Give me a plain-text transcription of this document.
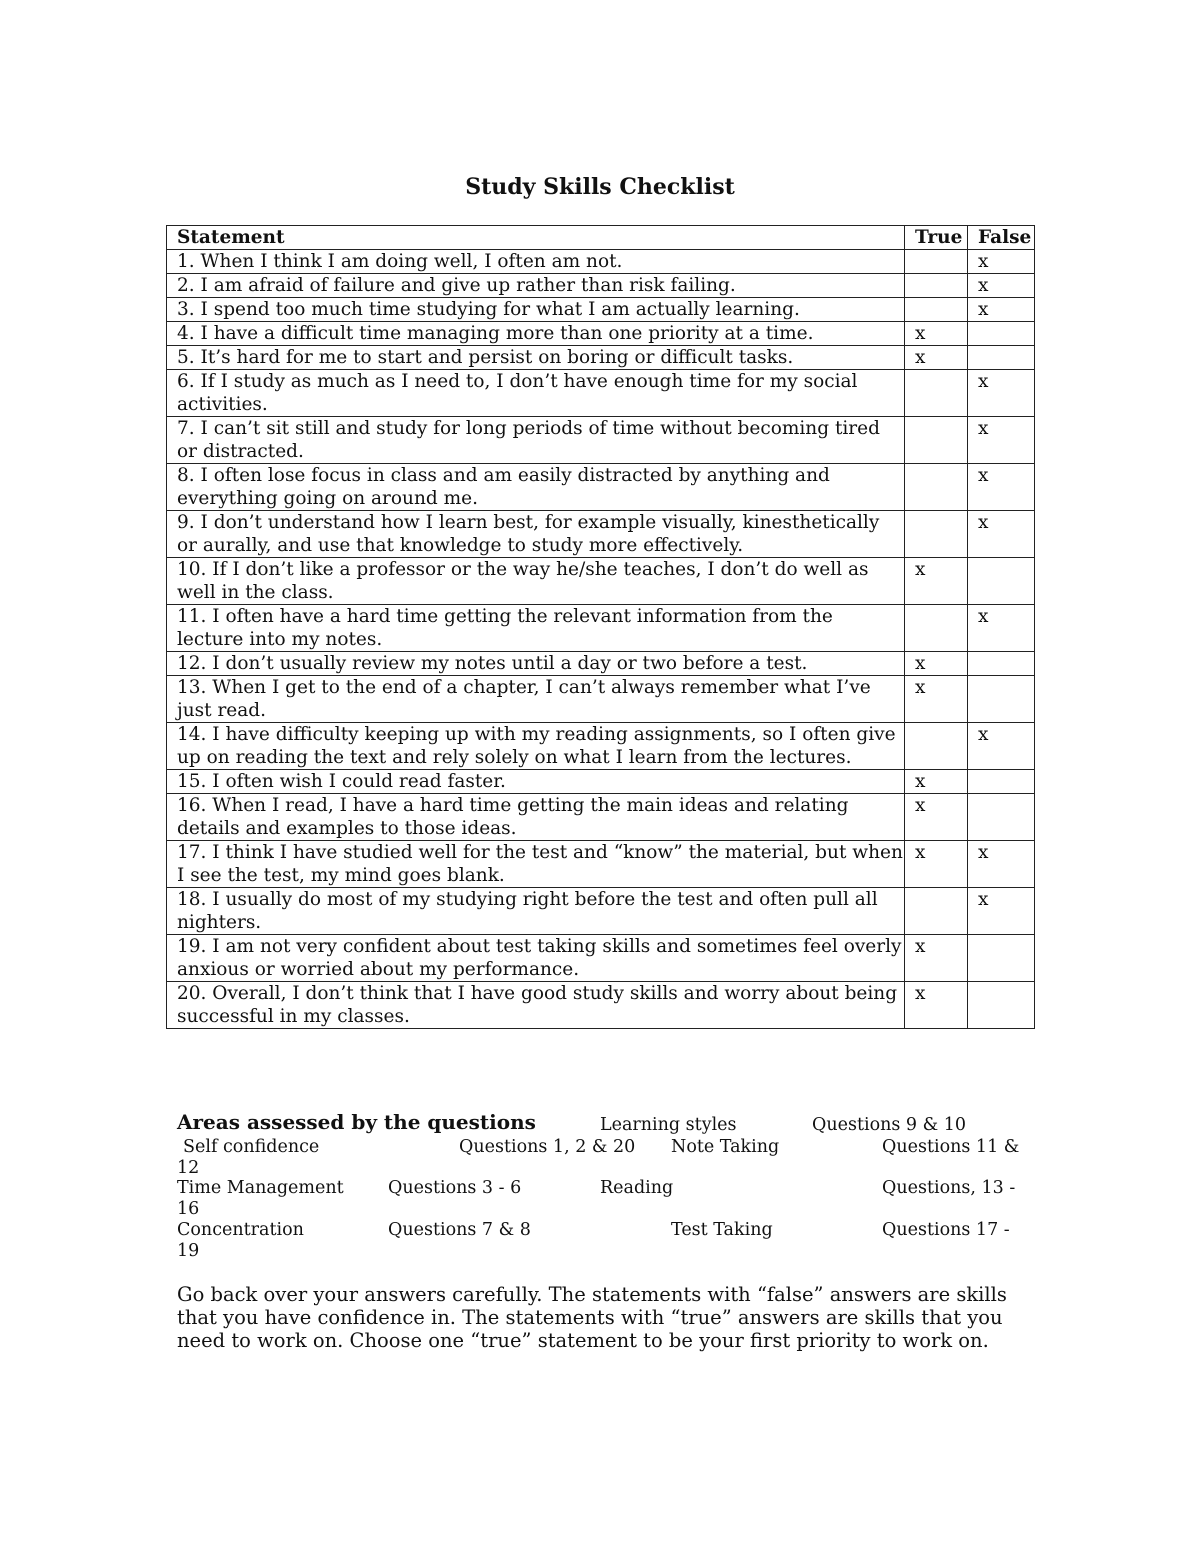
Study Skills Checklist
Statement	True	False
1. When I think I am doing well, I often am not.		x
2. I am afraid of failure and give up rather than risk failing.		x
3. I spend too much time studying for what I am actually learning.		x
4. I have a difficult time managing more than one priority at a time.	x	
5. It’s hard for me to start and persist on boring or difficult tasks.	x	
6. If I study as much as I need to, I don’t have enough time for my social activities.		x
7. I can’t sit still and study for long periods of time without becoming tired or distracted.		x
8. I often lose focus in class and am easily distracted by anything and everything going on around me.		x
9. I don’t understand how I learn best, for example visually, kinesthetically or aurally, and use that knowledge to study more effectively.		x
10. If I don’t like a professor or the way he/she teaches, I don’t do well as well in the class.	x	
11. I often have a hard time getting the relevant information from the lecture into my notes.		x
12. I don’t usually review my notes until a day or two before a test.	x	
13. When I get to the end of a chapter, I can’t always remember what I’ve just read.	x	
14. I have difficulty keeping up with my reading assignments, so I often give up on reading the text and rely solely on what I learn from the lectures.		x
15. I often wish I could read faster.	x	
16. When I read, I have a hard time getting the main ideas and relating details and examples to those ideas.	x	
17. I think I have studied well for the test and “know” the material, but when I see the test, my mind goes blank.	x	x
18. I usually do most of my studying right before the test and often pull all nighters.		x
19. I am not very confident about test taking skills and sometimes feel overly anxious or worried about my performance.	x	
20. Overall, I don’t think that I have good study skills and worry about being successful in my classes.	x	
Areas assessed by the questions	Learning styles	Questions 9 & 10
Self confidence	Questions 1, 2 & 20 Note Taking	Questions 11 &
12
Time Management	Questions 3 - 6	Reading	Questions, 13 -
16
Concentration	Questions 7 & 8	Test Taking	Questions 17 -
19
Go back over your answers carefully. The statements with “false” answers are skills that you have confidence in. The statements with “true” answers are skills that you need to work on. Choose one “true” statement to be your first priority to work on.
